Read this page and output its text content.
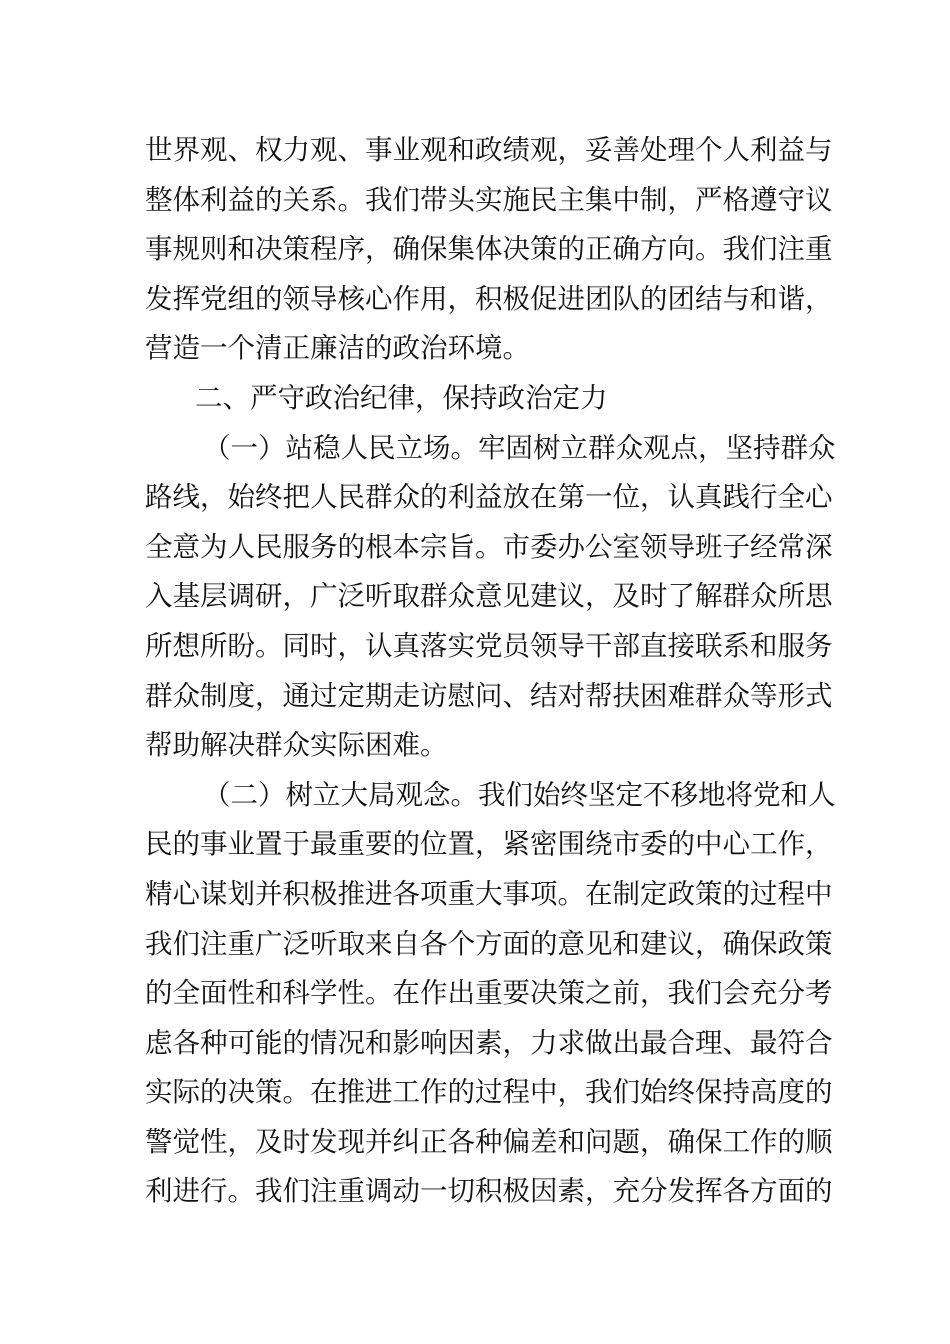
世界观、权力观、事业观和政绩观，妥善处理个人利益与
整体利益的关系。我们带头实施民主集中制，严格遵守议
事规则和决策程序，确保集体决策的正确方向。我们注重
发挥党组的领导核心作用，积极促进团队的团结与和谐，
营造一个清正廉洁的政治环境。
二、严守政治纪律，保持政治定力
（一）站稳人民立场。牢固树立群众观点，坚持群众
路线，始终把人民群众的利益放在第一位，认真践行全心
全意为人民服务的根本宗旨。市委办公室领导班子经常深
入基层调研，广泛听取群众意见建议，及时了解群众所思
所想所盼。同时，认真落实党员领导干部直接联系和服务
群众制度，通过定期走访慰问、结对帮扶困难群众等形式
帮助解决群众实际困难。
（二）树立大局观念。我们始终坚定不移地将党和人
民的事业置于最重要的位置，紧密围绕市委的中心工作，
精心谋划并积极推进各项重大事项。在制定政策的过程中
我们注重广泛听取来自各个方面的意见和建议，确保政策
的全面性和科学性。在作出重要决策之前，我们会充分考
虑各种可能的情况和影响因素，力求做出最合理、最符合
实际的决策。在推进工作的过程中，我们始终保持高度的
警觉性，及时发现并纠正各种偏差和问题，确保工作的顺
利进行。我们注重调动一切积极因素，充分发挥各方面的
